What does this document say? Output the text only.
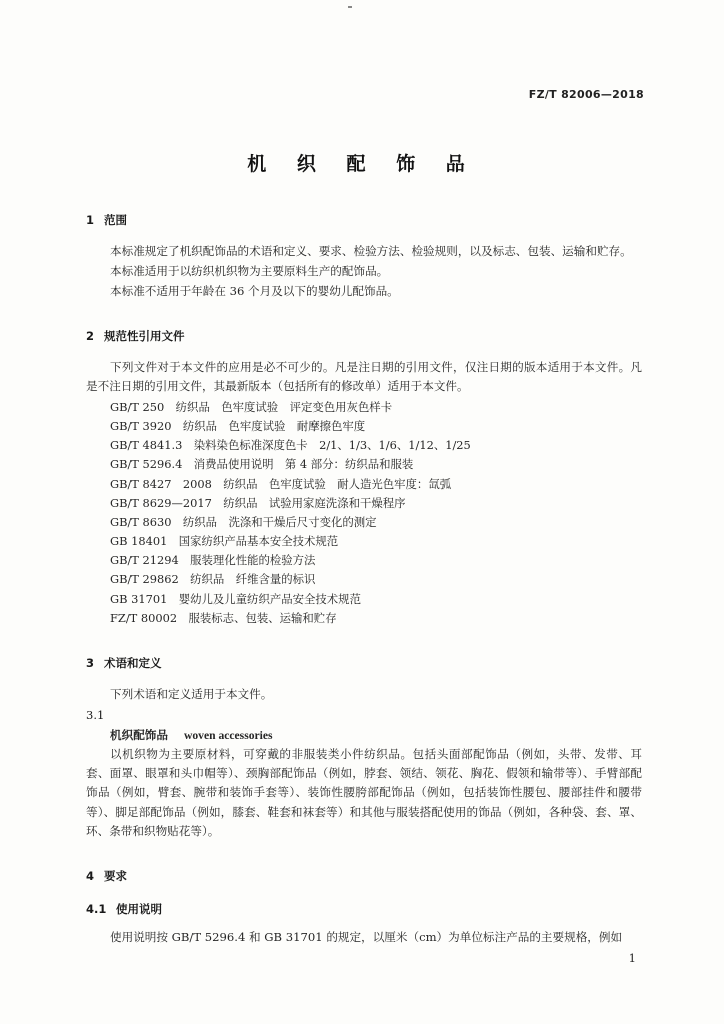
FZ/T 82006—2018
机 织 配 饰 品
1 范围
本标准规定了机织配饰品的术语和定义、要求、检验方法、检验规则，以及标志、包装、运输和贮存。
本标准适用于以纺织机织物为主要原料生产的配饰品。
本标准不适用于年龄在 36 个月及以下的婴幼儿配饰品。
2 规范性引用文件
下列文件对于本文件的应用是必不可少的。凡是注日期的引用文件，仅注日期的版本适用于本文件。凡是不注日期的引用文件，其最新版本（包括所有的修改单）适用于本文件。
GB/T 250　纺织品　色牢度试验　评定变色用灰色样卡
GB/T 3920　纺织品　色牢度试验　耐摩擦色牢度
GB/T 4841.3　染料染色标准深度色卡　2/1、1/3、1/6、1/12、1/25
GB/T 5296.4　消费品使用说明　第 4 部分：纺织品和服装
GB/T 8427　2008　纺织品　色牢度试验　耐人造光色牢度：氙弧
GB/T 8629—2017　纺织品　试验用家庭洗涤和干燥程序
GB/T 8630　纺织品　洗涤和干燥后尺寸变化的测定
GB 18401　国家纺织产品基本安全技术规范
GB/T 21294　服装理化性能的检验方法
GB/T 29862　纺织品　纤维含量的标识
GB 31701　婴幼儿及儿童纺织产品安全技术规范
FZ/T 80002　服装标志、包装、运输和贮存
3 术语和定义
下列术语和定义适用于本文件。
3.1
机织配饰品 woven accessories
以机织物为主要原材料，可穿戴的非服装类小件纺织品。包括头面部配饰品（例如，头带、发带、耳套、面罩、眼罩和头巾帽等）、颈胸部配饰品（例如，脖套、领结、领花、胸花、假领和输带等）、手臂部配饰品（例如，臂套、腕带和装饰手套等）、装饰性腰胯部配饰品（例如，包括装饰性腰包、腰部挂件和腰带等）、脚足部配饰品（例如，膝套、鞋套和袜套等）和其他与服装搭配使用的饰品（例如，各种袋、套、罩、环、条带和织物贴花等）。
4 要求
4.1 使用说明
使用说明按 GB/T 5296.4 和 GB 31701 的规定，以厘米（cm）为单位标注产品的主要规格，例如
1
